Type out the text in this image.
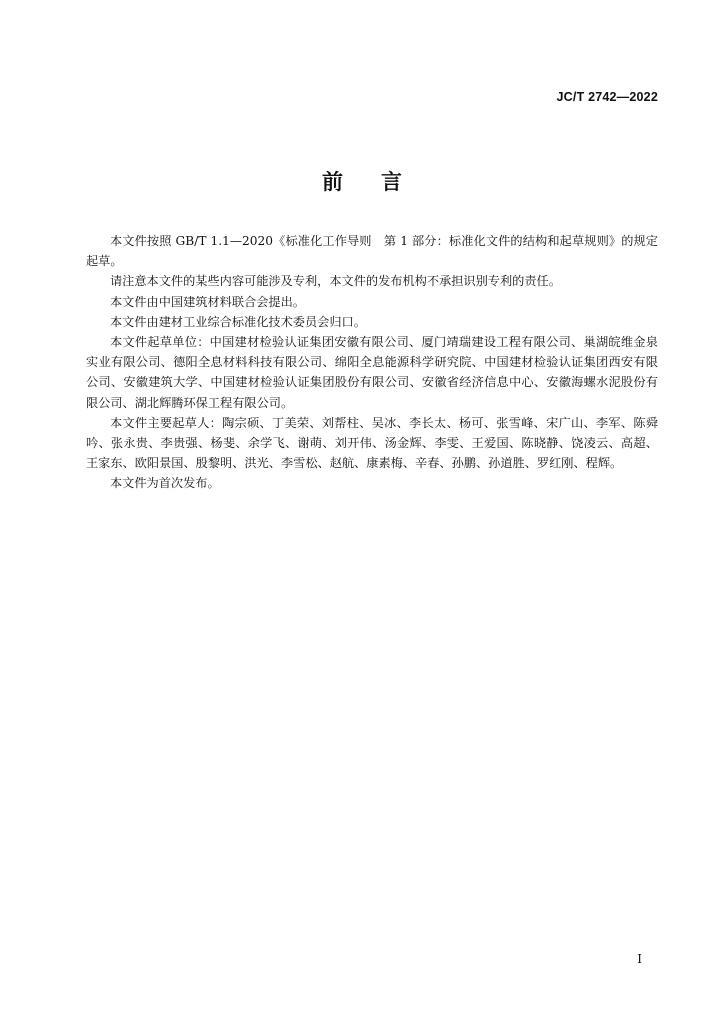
JC/T 2742—2022
前 言

本文件按照 GB/T 1.1—2020《标准化工作导则　第 1 部分：标准化文件的结构和起草规则》的规定起草。

请注意本文件的某些内容可能涉及专利，本文件的发布机构不承担识别专利的责任。

本文件由中国建筑材料联合会提出。

本文件由建材工业综合标准化技术委员会归口。

本文件起草单位：中国建材检验认证集团安徽有限公司、厦门靖瑞建设工程有限公司、巢湖皖维金泉实业有限公司、德阳全息材料科技有限公司、绵阳全息能源科学研究院、中国建材检验认证集团西安有限公司、安徽建筑大学、中国建材检验认证集团股份有限公司、安徽省经济信息中心、安徽海螺水泥股份有限公司、湖北辉腾环保工程有限公司。

本文件主要起草人：陶宗硕、丁美荣、刘帮柱、吴冰、李长太、杨可、张雪峰、宋广山、李军、陈舜吟、张永贵、李贵强、杨斐、余学飞、谢萌、刘开伟、汤金辉、李雯、王爱国、陈晓静、饶凌云、高超、王家东、欧阳景国、殷黎明、洪光、李雪松、赵航、康素梅、辛春、孙鹏、孙道胜、罗红刚、程辉。

本文件为首次发布。

I
